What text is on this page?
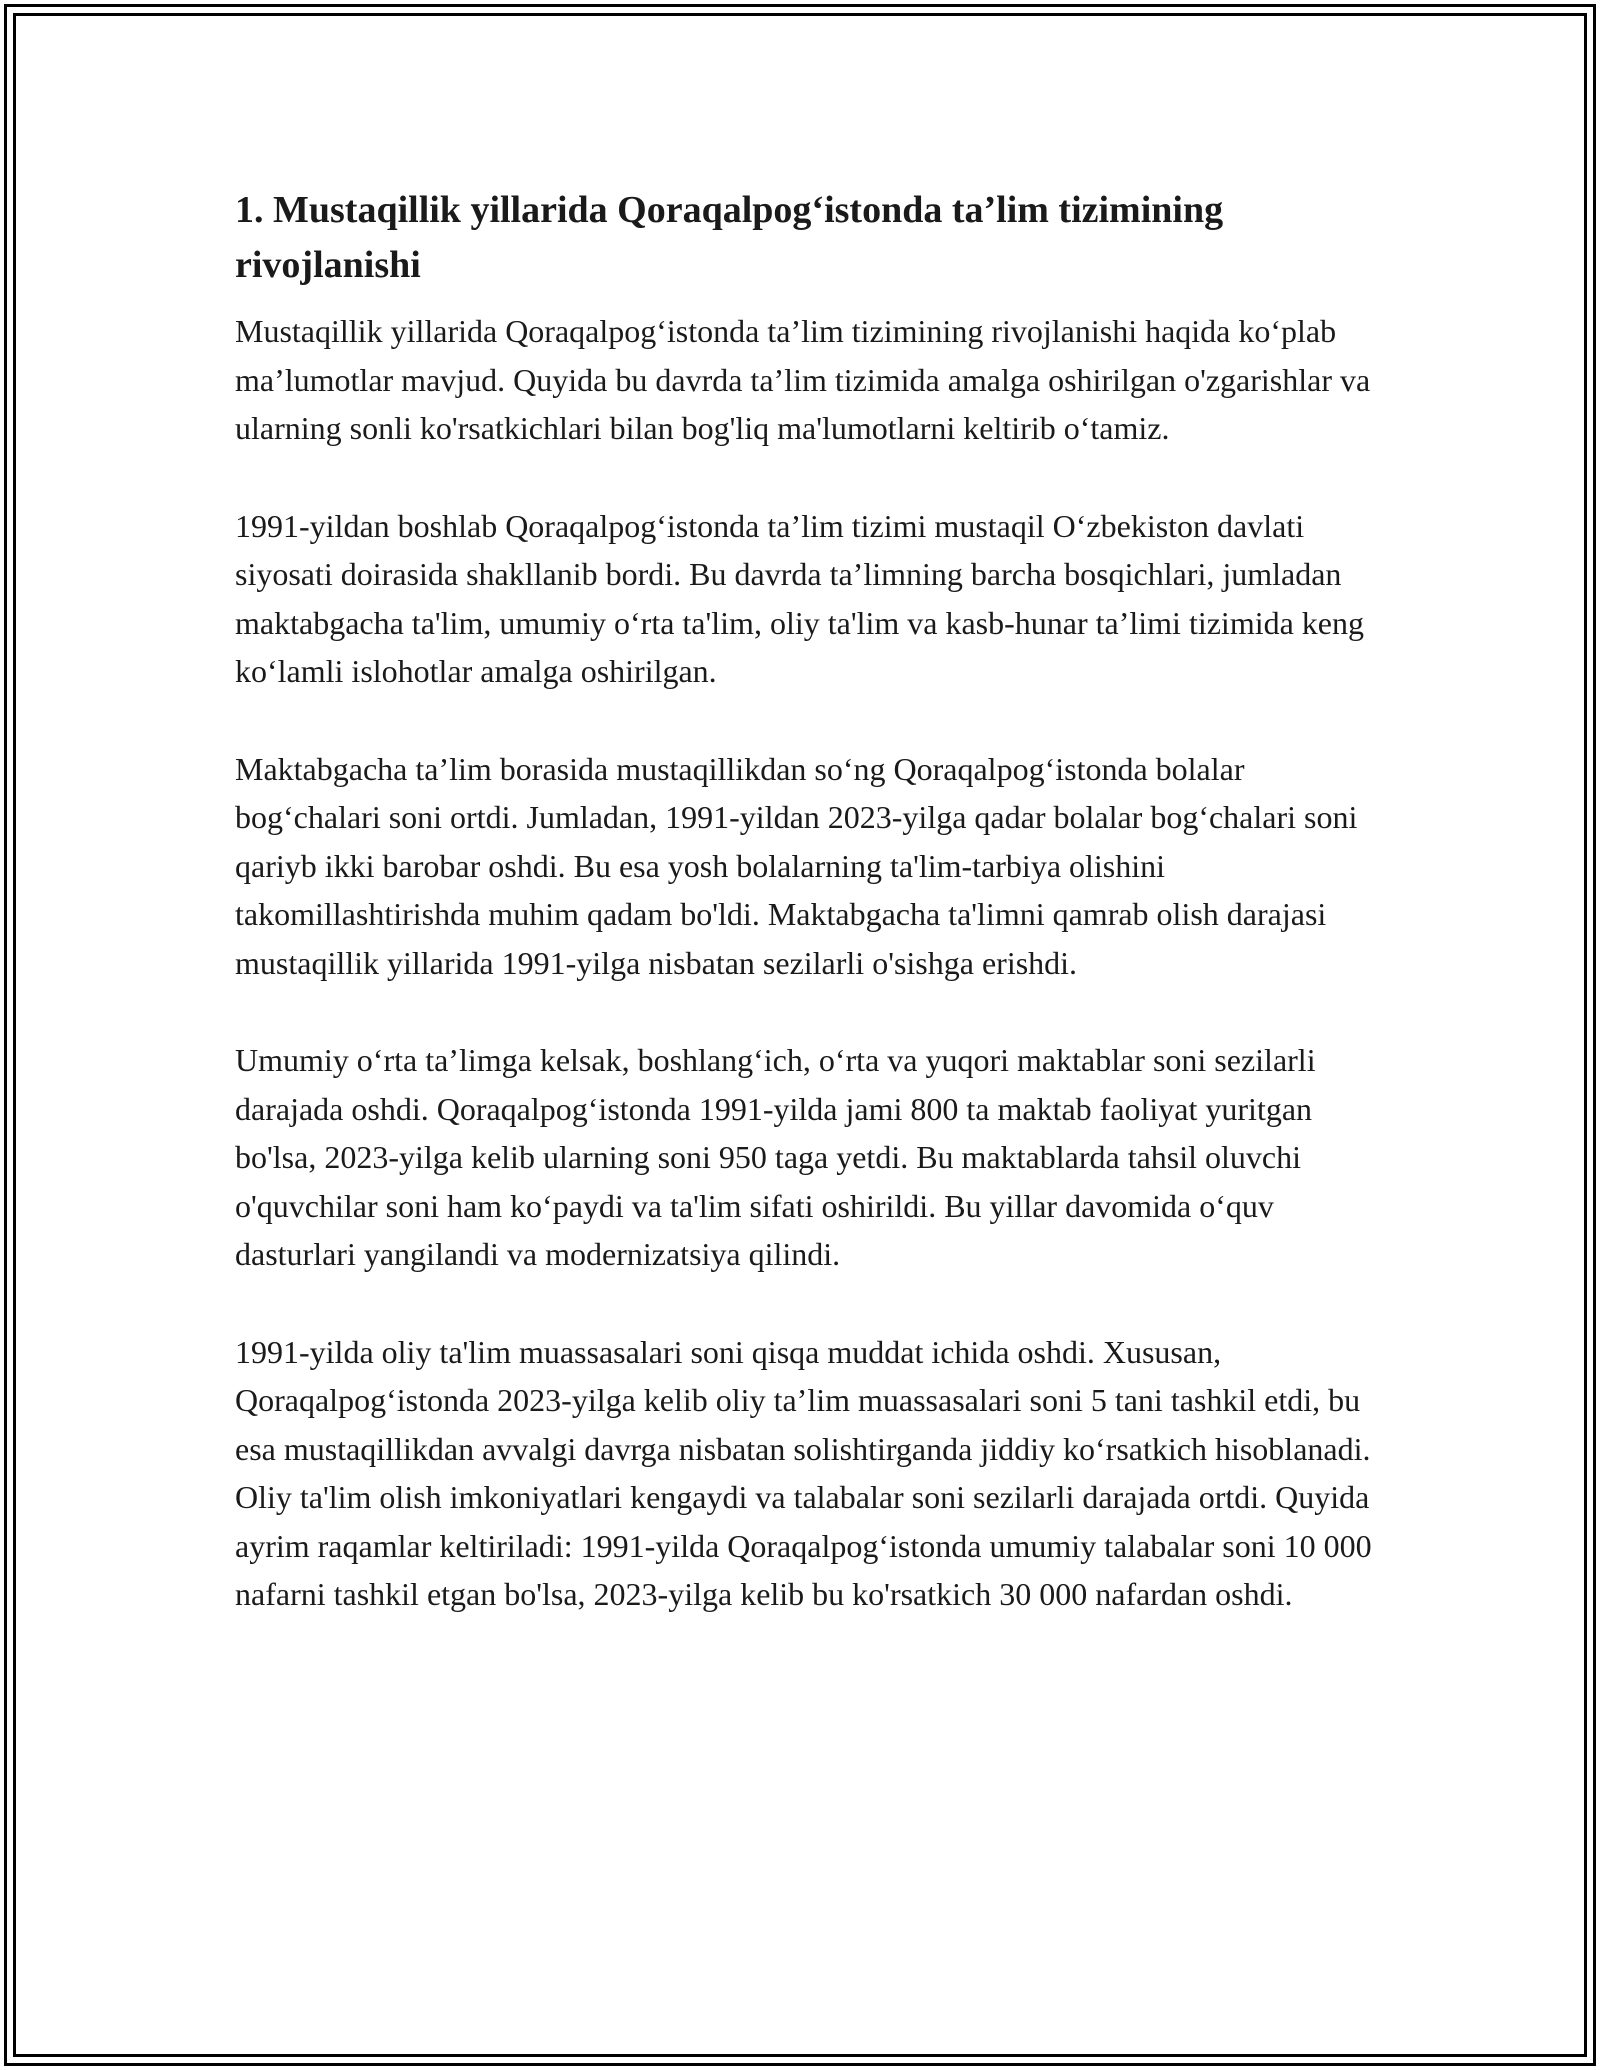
1. Mustaqillik yillarida Qoraqalpog‘istonda ta’lim tizimining rivojlanishi

Mustaqillik yillarida Qoraqalpog‘istonda ta’lim tizimining rivojlanishi haqida ko‘plab ma’lumotlar mavjud. Quyida bu davrda ta’lim tizimida amalga oshirilgan o'zgarishlar va ularning sonli ko'rsatkichlari bilan bog'liq ma'lumotlarni keltirib o‘tamiz.

1991-yildan boshlab Qoraqalpog‘istonda ta’lim tizimi mustaqil O‘zbekiston davlati siyosati doirasida shakllanib bordi. Bu davrda ta’limning barcha bosqichlari, jumladan maktabgacha ta'lim, umumiy o‘rta ta'lim, oliy ta'lim va kasb-hunar ta’limi tizimida keng ko‘lamli islohotlar amalga oshirilgan.

Maktabgacha ta’lim borasida mustaqillikdan so‘ng Qoraqalpog‘istonda bolalar bog‘chalari soni ortdi. Jumladan, 1991-yildan 2023-yilga qadar bolalar bog‘chalari soni qariyb ikki barobar oshdi. Bu esa yosh bolalarning ta'lim-tarbiya olishini takomillashtirishda muhim qadam bo'ldi. Maktabgacha ta'limni qamrab olish darajasi mustaqillik yillarida 1991-yilga nisbatan sezilarli o'sishga erishdi.

Umumiy o‘rta ta’limga kelsak, boshlang‘ich, o‘rta va yuqori maktablar soni sezilarli darajada oshdi. Qoraqalpog‘istonda 1991-yilda jami 800 ta maktab faoliyat yuritgan bo'lsa, 2023-yilga kelib ularning soni 950 taga yetdi. Bu maktablarda tahsil oluvchi o'quvchilar soni ham ko‘paydi va ta'lim sifati oshirildi. Bu yillar davomida o‘quv dasturlari yangilandi va modernizatsiya qilindi.

1991-yilda oliy ta'lim muassasalari soni qisqa muddat ichida oshdi. Xususan, Qoraqalpog‘istonda 2023-yilga kelib oliy ta’lim muassasalari soni 5 tani tashkil etdi, bu esa mustaqillikdan avvalgi davrga nisbatan solishtirganda jiddiy ko‘rsatkich hisoblanadi. Oliy ta'lim olish imkoniyatlari kengaydi va talabalar soni sezilarli darajada ortdi. Quyida ayrim raqamlar keltiriladi: 1991-yilda Qoraqalpog‘istonda umumiy talabalar soni 10 000 nafarni tashkil etgan bo'lsa, 2023-yilga kelib bu ko'rsatkich 30 000 nafardan oshdi.
